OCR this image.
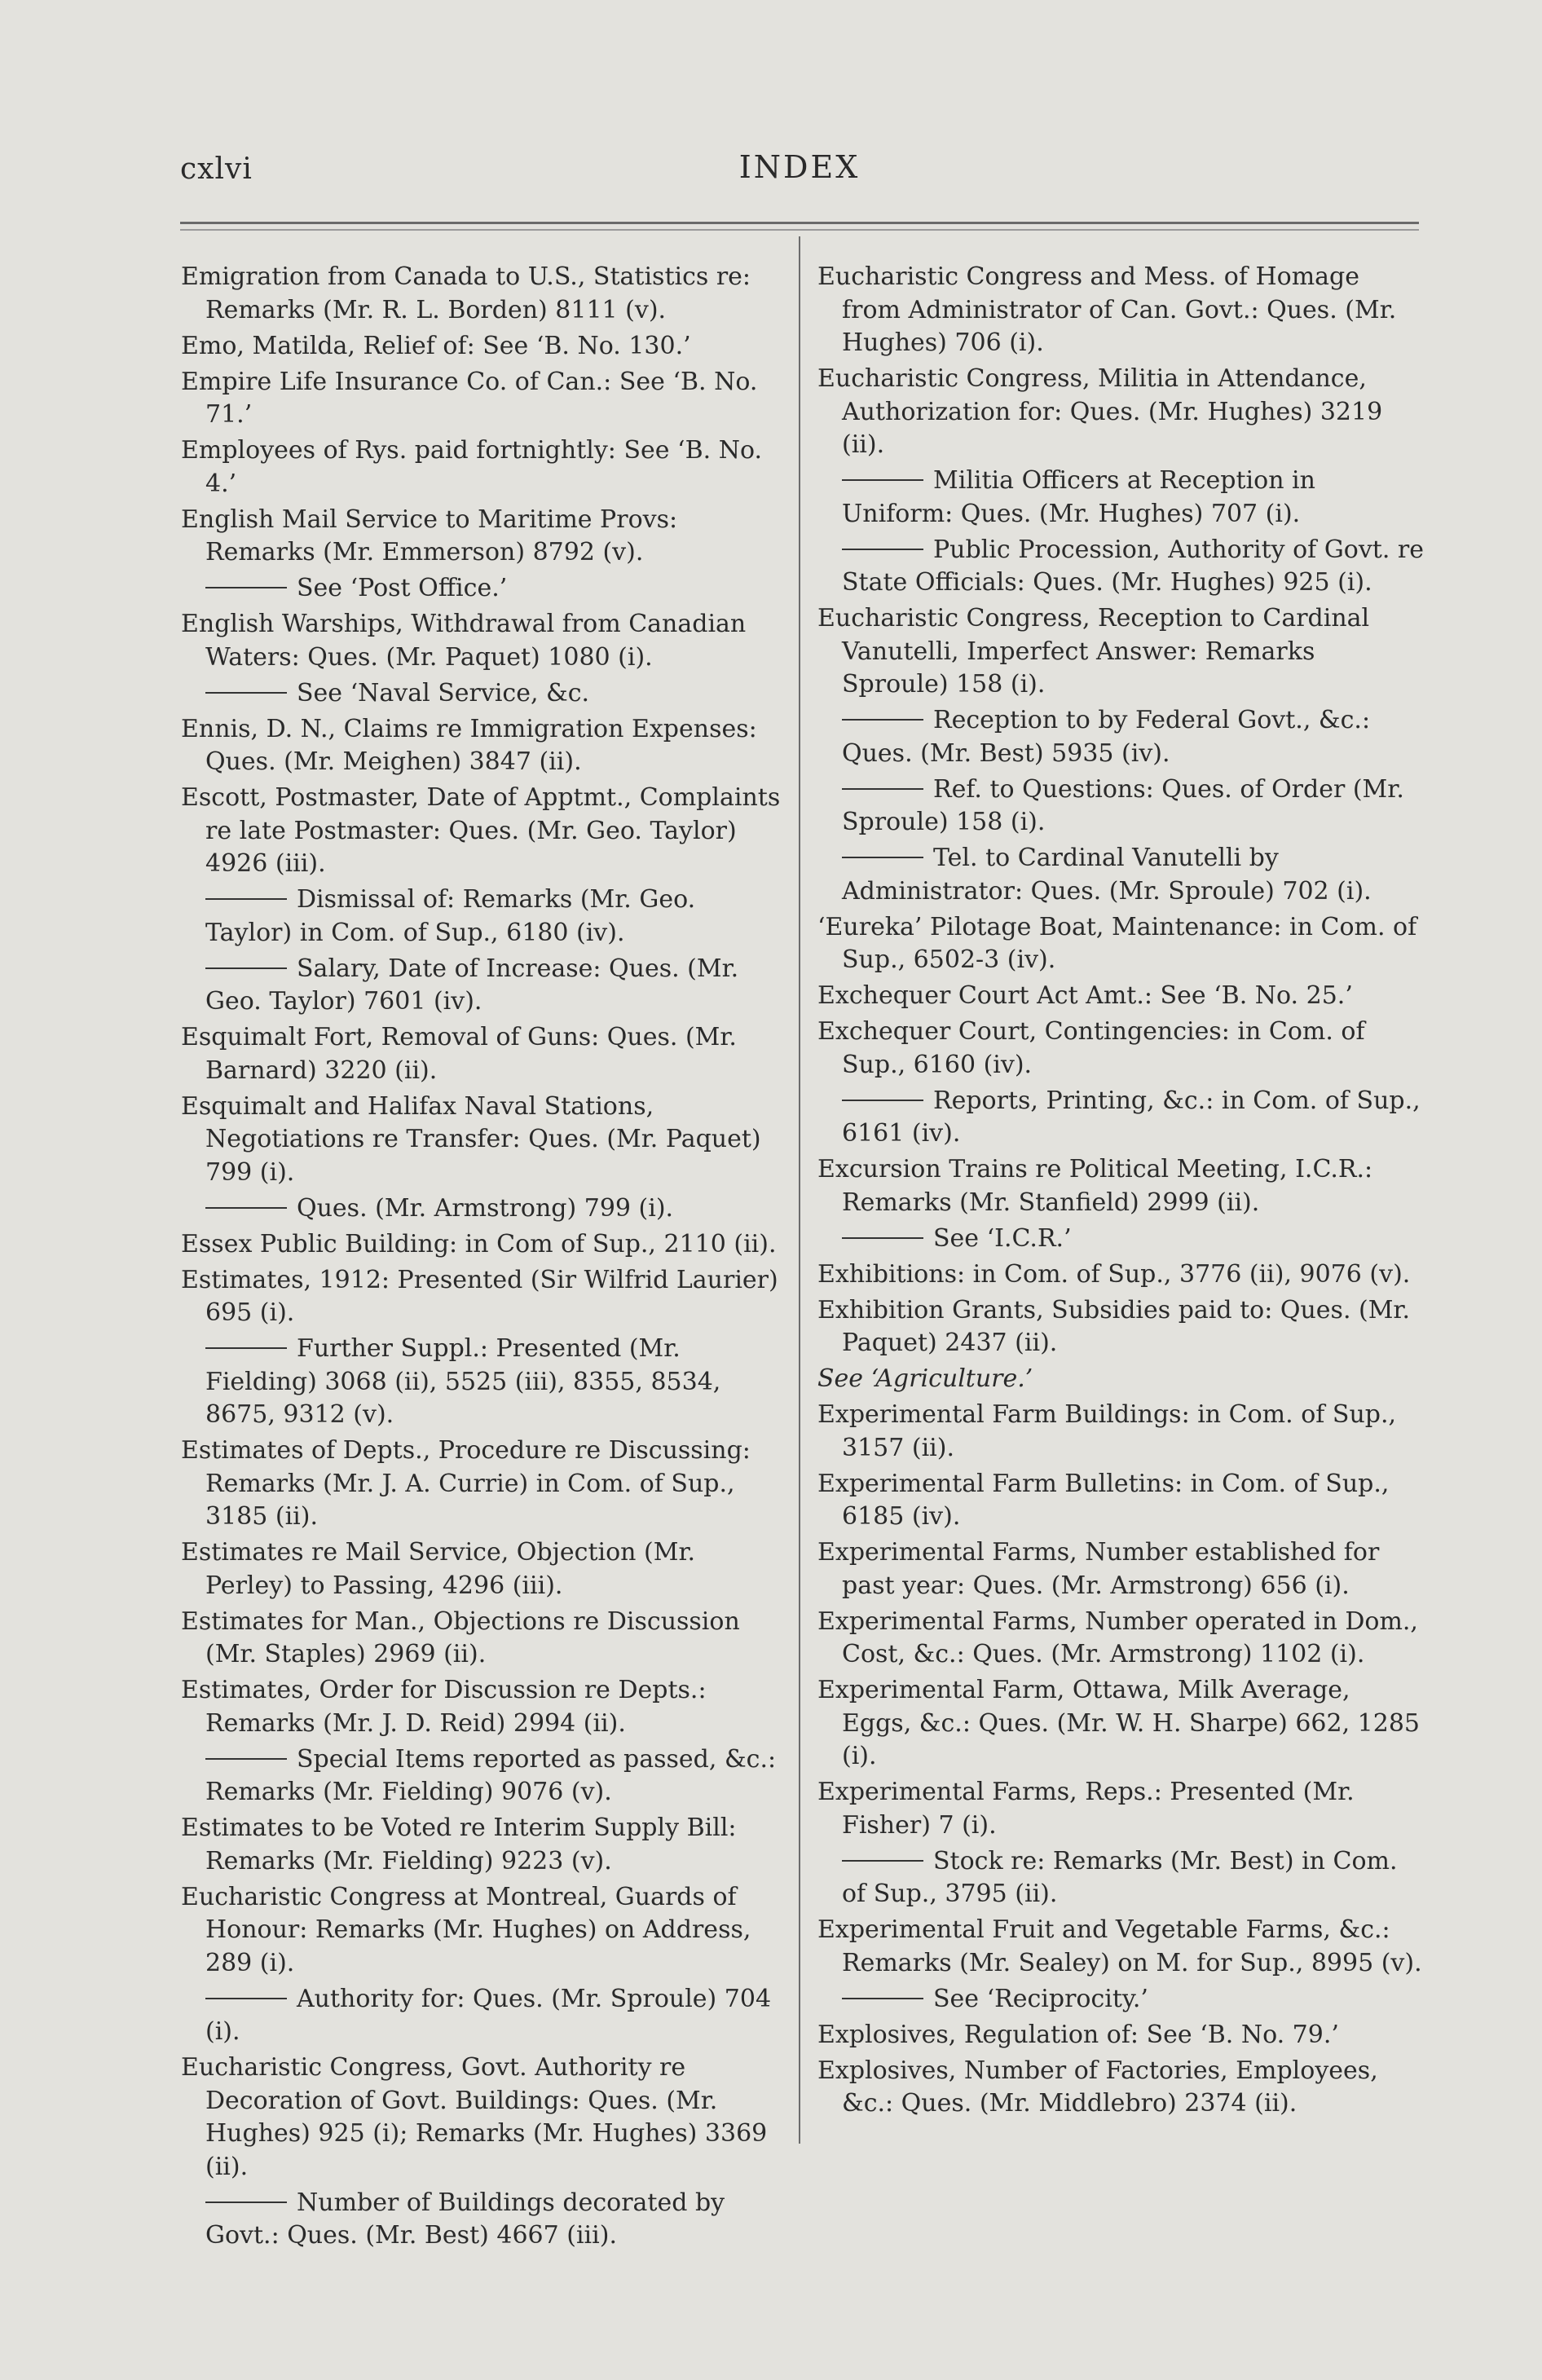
cxlvi	INDEX

Emigration from Canada to U.S., Statistics re: Remarks (Mr. R. L. Borden) 8111 (v).

Emo, Matilda, Relief of: See ‘B. No. 130.’

Empire Life Insurance Co. of Can.: See ‘B. No. 71.’

Employees of Rys. paid fortnightly: See ‘B. No. 4.’

English Mail Service to Maritime Provs: Remarks (Mr. Emmerson) 8792 (v).

See ‘Post Office.’

English Warships, Withdrawal from Canadian Waters: Ques. (Mr. Paquet) 1080 (i).

See ‘Naval Service, &c.

Ennis, D. N., Claims re Immigration Expenses: Ques. (Mr. Meighen) 3847 (ii).

Escott, Postmaster, Date of Apptmt., Complaints re late Postmaster: Ques. (Mr. Geo. Taylor) 4926 (iii).

Dismissal of: Remarks (Mr. Geo. Taylor) in Com. of Sup., 6180 (iv).

Salary, Date of Increase: Ques. (Mr. Geo. Taylor) 7601 (iv).

Esquimalt Fort, Removal of Guns: Ques. (Mr. Barnard) 3220 (ii).

Esquimalt and Halifax Naval Stations, Negotiations re Transfer: Ques. (Mr. Paquet) 799 (i).

Ques. (Mr. Armstrong) 799 (i).

Essex Public Building: in Com of Sup., 2110 (ii).

Estimates, 1912: Presented (Sir Wilfrid Laurier) 695 (i).

Further Suppl.: Presented (Mr. Fielding) 3068 (ii), 5525 (iii), 8355, 8534, 8675, 9312 (v).

Estimates of Depts., Procedure re Discussing: Remarks (Mr. J. A. Currie) in Com. of Sup., 3185 (ii).

Estimates re Mail Service, Objection (Mr. Perley) to Passing, 4296 (iii).

Estimates for Man., Objections re Discussion (Mr. Staples) 2969 (ii).

Estimates, Order for Discussion re Depts.: Remarks (Mr. J. D. Reid) 2994 (ii).

Special Items reported as passed, &c.: Remarks (Mr. Fielding) 9076 (v).

Estimates to be Voted re Interim Supply Bill: Remarks (Mr. Fielding) 9223 (v).

Eucharistic Congress at Montreal, Guards of Honour: Remarks (Mr. Hughes) on Address, 289 (i).

Authority for: Ques. (Mr. Sproule) 704 (i).

Eucharistic Congress, Govt. Authority re Decoration of Govt. Buildings: Ques. (Mr. Hughes) 925 (i); Remarks (Mr. Hughes) 3369 (ii).

Number of Buildings decorated by Govt.: Ques. (Mr. Best) 4667 (iii).

Eucharistic Congress and Mess. of Homage from Administrator of Can. Govt.: Ques. (Mr. Hughes) 706 (i).

Eucharistic Congress, Militia in Attendance, Authorization for: Ques. (Mr. Hughes) 3219 (ii).

Militia Officers at Reception in Uniform: Ques. (Mr. Hughes) 707 (i).

Public Procession, Authority of Govt. re State Officials: Ques. (Mr. Hughes) 925 (i).

Eucharistic Congress, Reception to Cardinal Vanutelli, Imperfect Answer: Remarks Sproule) 158 (i).

Reception to by Federal Govt., &c.: Ques. (Mr. Best) 5935 (iv).

Ref. to Questions: Ques. of Order (Mr. Sproule) 158 (i).

Tel. to Cardinal Vanutelli by Administrator: Ques. (Mr. Sproule) 702 (i).

‘Eureka’ Pilotage Boat, Maintenance: in Com. of Sup., 6502-3 (iv).

Exchequer Court Act Amt.: See ‘B. No. 25.’

Exchequer Court, Contingencies: in Com. of Sup., 6160 (iv).

Reports, Printing, &c.: in Com. of Sup., 6161 (iv).

Excursion Trains re Political Meeting, I.C.R.: Remarks (Mr. Stanfield) 2999 (ii).

See ‘I.C.R.’

Exhibitions: in Com. of Sup., 3776 (ii), 9076 (v).

Exhibition Grants, Subsidies paid to: Ques. (Mr. Paquet) 2437 (ii).

See ‘Agriculture.’

Experimental Farm Buildings: in Com. of Sup., 3157 (ii).

Experimental Farm Bulletins: in Com. of Sup., 6185 (iv).

Experimental Farms, Number established for past year: Ques. (Mr. Armstrong) 656 (i).

Experimental Farms, Number operated in Dom., Cost, &c.: Ques. (Mr. Armstrong) 1102 (i).

Experimental Farm, Ottawa, Milk Average, Eggs, &c.: Ques. (Mr. W. H. Sharpe) 662, 1285 (i).

Experimental Farms, Reps.: Presented (Mr. Fisher) 7 (i).

Stock re: Remarks (Mr. Best) in Com. of Sup., 3795 (ii).

Experimental Fruit and Vegetable Farms, &c.: Remarks (Mr. Sealey) on M. for Sup., 8995 (v).

See ‘Reciprocity.’

Explosives, Regulation of: See ‘B. No. 79.’

Explosives, Number of Factories, Employees, &c.: Ques. (Mr. Middlebro) 2374 (ii).
